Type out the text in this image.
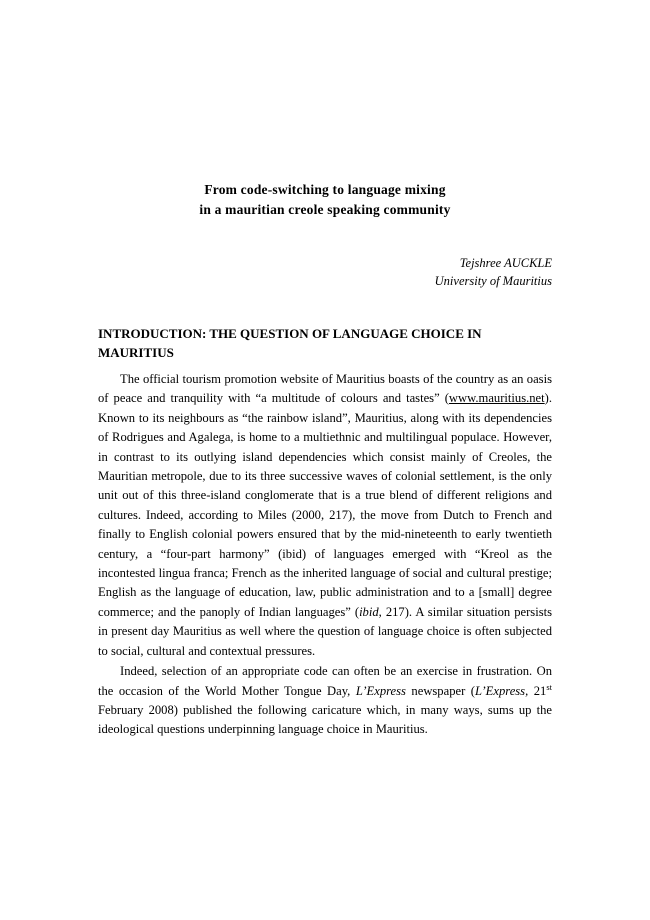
From code-switching to language mixing
in a mauritian creole speaking community
Tejshree AUCKLE
University of Mauritius
INTRODUCTION: THE QUESTION OF LANGUAGE CHOICE IN MAURITIUS

The official tourism promotion website of Mauritius boasts of the country as an oasis of peace and tranquility with “a multitude of colours and tastes” (www.mauritius.net). Known to its neighbours as “the rainbow island”, Mauritius, along with its dependencies of Rodrigues and Agalega, is home to a multiethnic and multilingual populace. However, in contrast to its outlying island dependencies which consist mainly of Creoles, the Mauritian metropole, due to its three successive waves of colonial settlement, is the only unit out of this three-island conglomerate that is a true blend of different religions and cultures. Indeed, according to Miles (2000, 217), the move from Dutch to French and finally to English colonial powers ensured that by the mid-nineteenth to early twentieth century, a “four-part harmony” (ibid) of languages emerged with “Kreol as the incontested lingua franca; French as the inherited language of social and cultural prestige; English as the language of education, law, public administration and to a [small] degree commerce; and the panoply of Indian languages” (ibid, 217). A similar situation persists in present day Mauritius as well where the question of language choice is often subjected to social, cultural and contextual pressures.

Indeed, selection of an appropriate code can often be an exercise in frustration. On the occasion of the World Mother Tongue Day, L’Express newspaper (L’Express, 21st February 2008) published the following caricature which, in many ways, sums up the ideological questions underpinning language choice in Mauritius.
